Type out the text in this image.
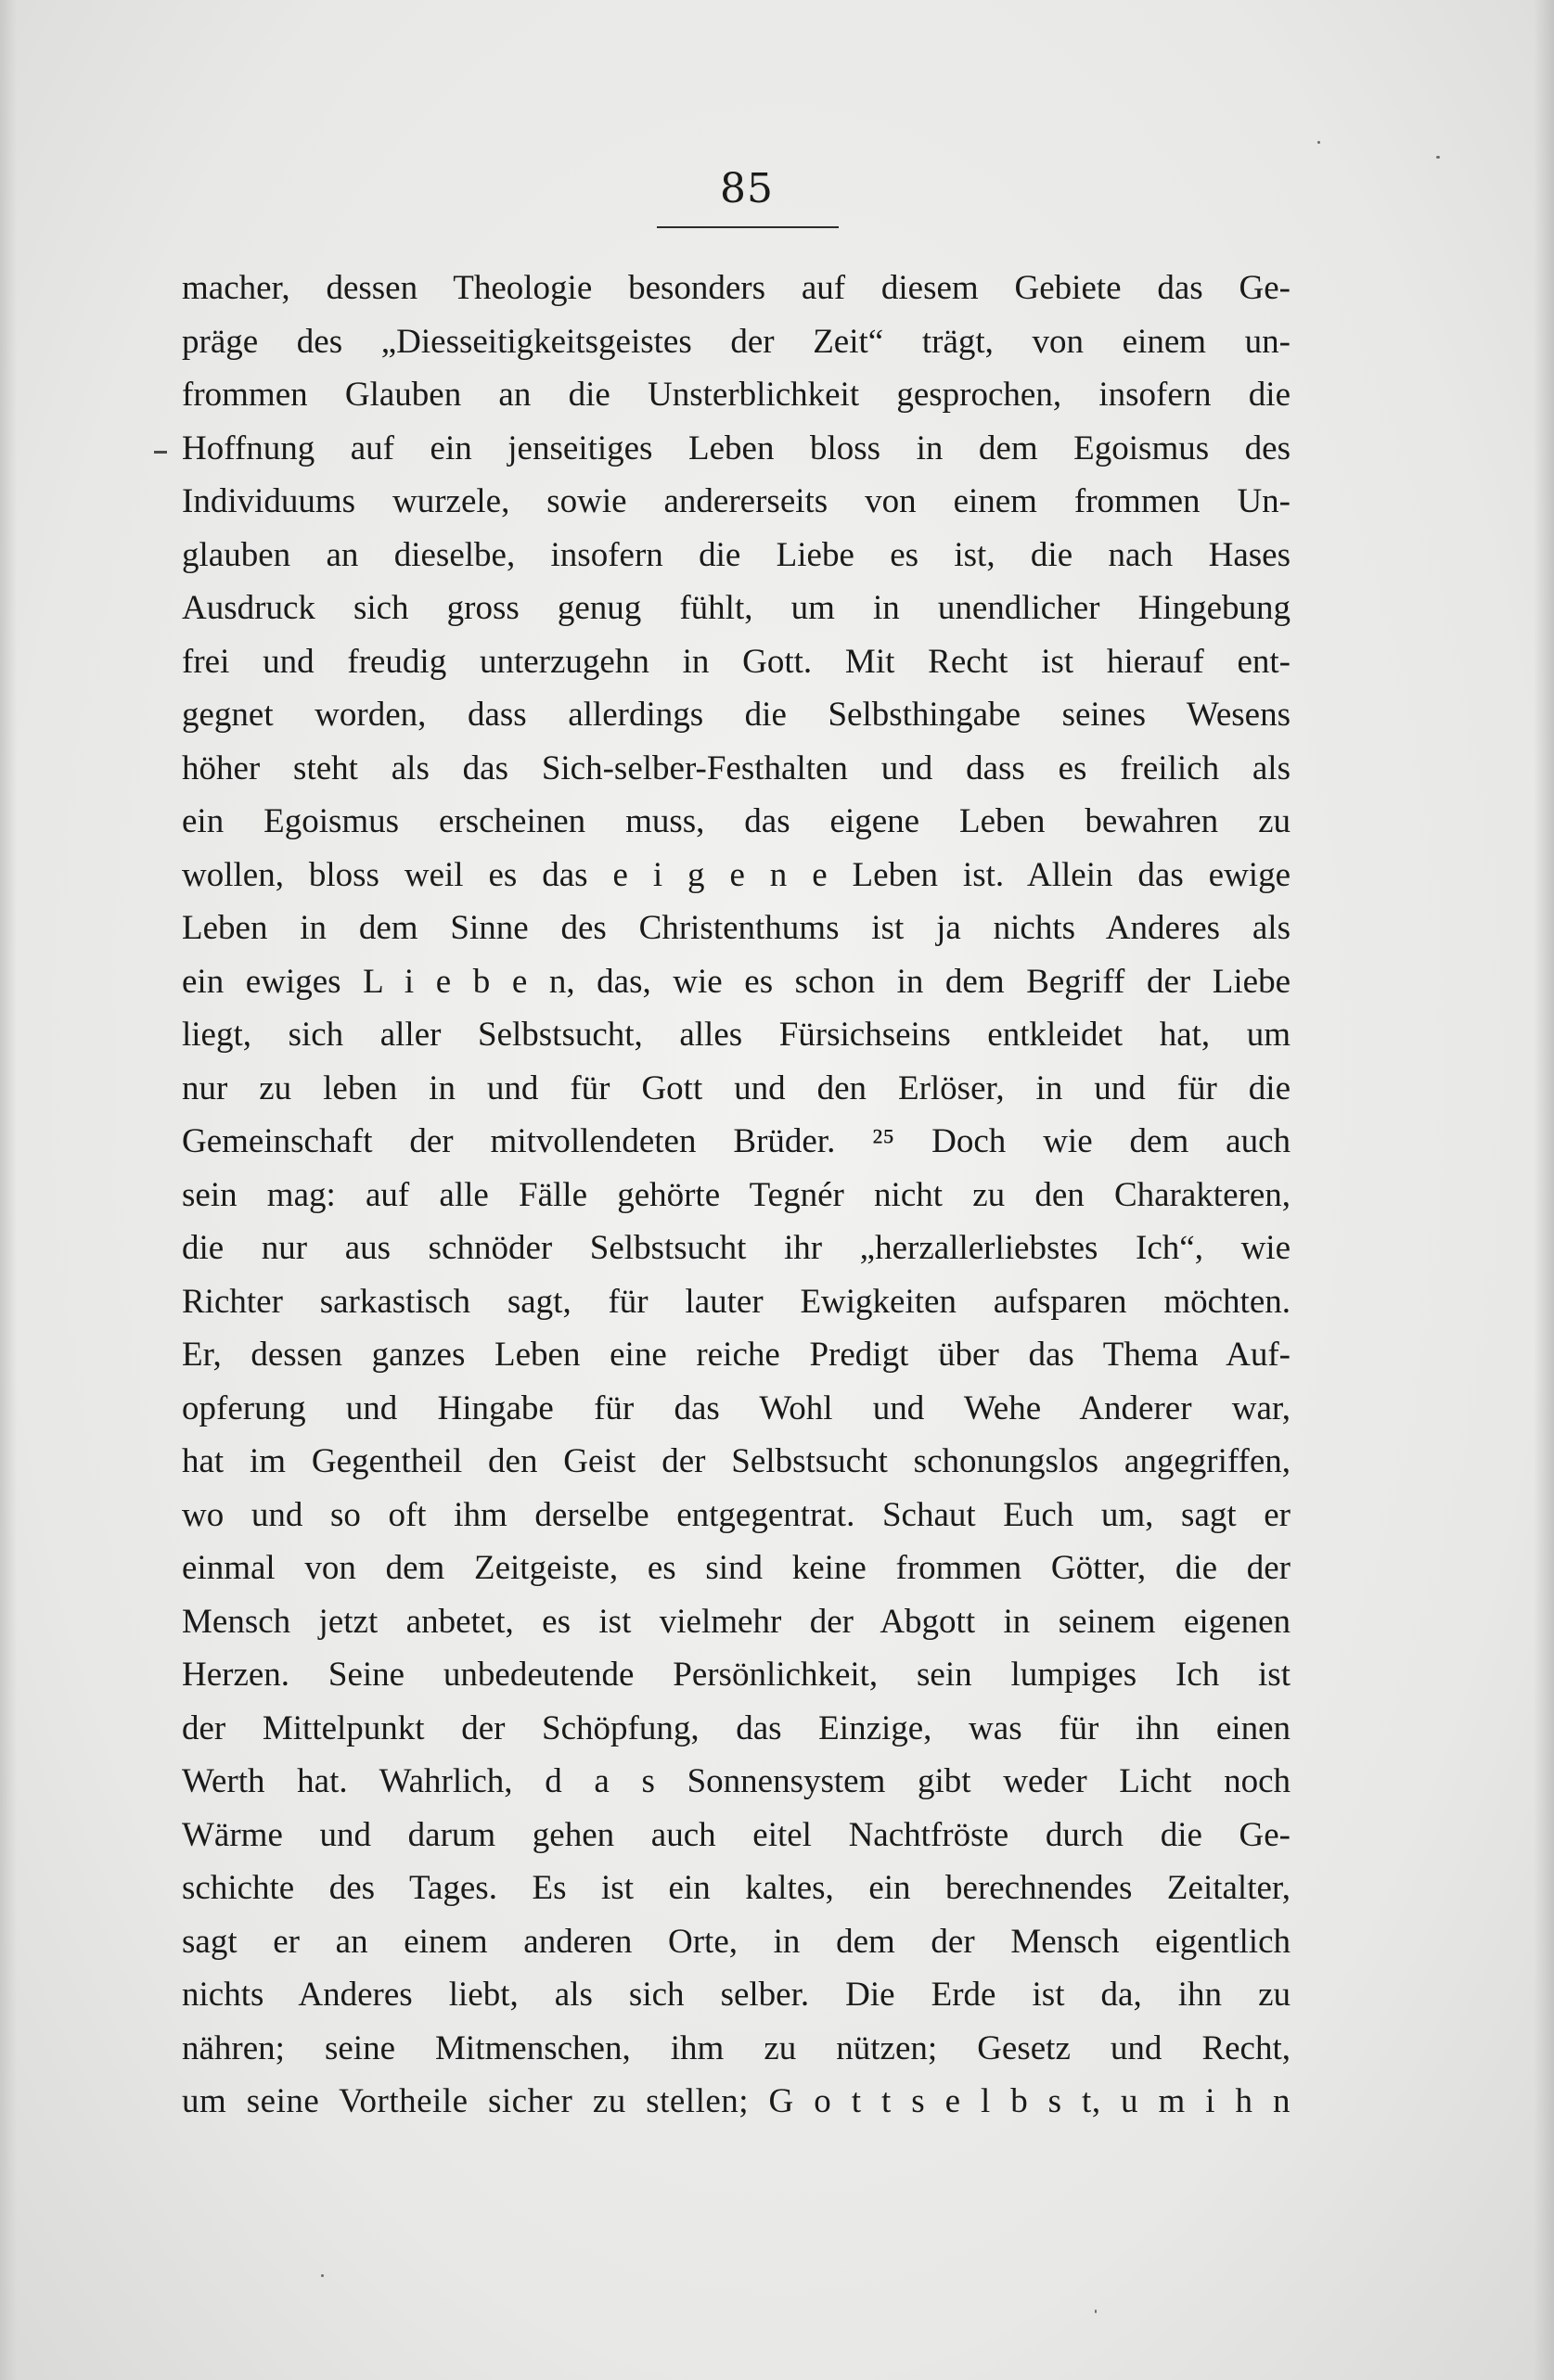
85
macher, dessen Theologie besonders auf diesem Gebiete das Ge-
präge des „Diesseitigkeitsgeistes der Zeit“ trägt, von einem un-
frommen Glauben an die Unsterblichkeit gesprochen, insofern die
Hoffnung auf ein jenseitiges Leben bloss in dem Egoismus des
Individuums wurzele, sowie andererseits von einem frommen Un-
glauben an dieselbe, insofern die Liebe es ist, die nach Hases
Ausdruck sich gross genug fühlt, um in unendlicher Hingebung
frei und freudig unterzugehn in Gott. Mit Recht ist hierauf ent-
gegnet worden, dass allerdings die Selbsthingabe seines Wesens
höher steht als das Sich-selber-Festhalten und dass es freilich als
ein Egoismus erscheinen muss, das eigene Leben bewahren zu
wollen, bloss weil es das e i g e n e Leben ist. Allein das ewige
Leben in dem Sinne des Christenthums ist ja nichts Anderes als
ein ewiges L i e b e n, das, wie es schon in dem Begriff der Liebe
liegt, sich aller Selbstsucht, alles Fürsichseins entkleidet hat, um
nur zu leben in und für Gott und den Erlöser, in und für die
Gemeinschaft der mitvollendeten Brüder. ²⁵ Doch wie dem auch
sein mag: auf alle Fälle gehörte Tegnér nicht zu den Charakteren,
die nur aus schnöder Selbstsucht ihr „herzallerliebstes Ich“, wie
Richter sarkastisch sagt, für lauter Ewigkeiten aufsparen möchten.
Er, dessen ganzes Leben eine reiche Predigt über das Thema Auf-
opferung und Hingabe für das Wohl und Wehe Anderer war,
hat im Gegentheil den Geist der Selbstsucht schonungslos angegriffen,
wo und so oft ihm derselbe entgegentrat. Schaut Euch um, sagt er
einmal von dem Zeitgeiste, es sind keine frommen Götter, die der
Mensch jetzt anbetet, es ist vielmehr der Abgott in seinem eigenen
Herzen. Seine unbedeutende Persönlichkeit, sein lumpiges Ich ist
der Mittelpunkt der Schöpfung, das Einzige, was für ihn einen
Werth hat. Wahrlich, d a s Sonnensystem gibt weder Licht noch
Wärme und darum gehen auch eitel Nachtfröste durch die Ge-
schichte des Tages. Es ist ein kaltes, ein berechnendes Zeitalter,
sagt er an einem anderen Orte, in dem der Mensch eigentlich
nichts Anderes liebt, als sich selber. Die Erde ist da, ihn zu
nähren; seine Mitmenschen, ihm zu nützen; Gesetz und Recht,
um seine Vortheile sicher zu stellen; G o t t s e l b s t, u m i h n
